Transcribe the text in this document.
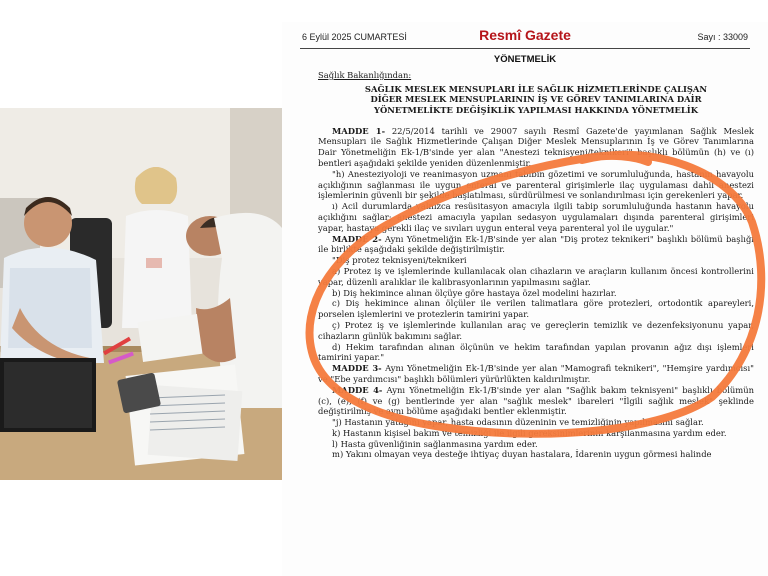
6 Eylül 2025 CUMARTESİ	Resmî Gazete	Sayı : 33009
YÖNETMELİK

Sağlık Bakanlığından:

SAĞLIK MESLEK MENSUPLARI İLE SAĞLIK HİZMETLERİNDE ÇALIŞAN
DİĞER MESLEK MENSUPLARININ İŞ VE GÖREV TANIMLARINA DAİR
YÖNETMELİKTE DEĞİŞİKLİK YAPILMASI HAKKINDA YÖNETMELİK

MADDE 1- 22/5/2014 tarihli ve 29007 sayılı Resmî Gazete'de yayımlanan Sağlık Meslek Mensupları ile Sağlık Hizmetlerinde Çalışan Diğer Meslek Mensuplarının İş ve Görev Tanımlarına Dair Yönetmeliğin Ek-1/B'sinde yer alan "Anestezi teknisyeni/teknikeri" başlıklı bölümün (h) ve (ı) bentleri aşağıdaki şekilde yeniden düzenlenmiştir.

"h) Anesteziyoloji ve reanimasyon uzmanı tabibin gözetimi ve sorumluluğunda, hastanın havayolu açıklığının sağlanması ile uygun enteral ve parenteral girişimlerle ilaç uygulaması dahil anestezi işlemlerinin güvenli bir şekilde başlatılması, sürdürülmesi ve sonlandırılması için gerekenleri yapar.

ı) Acil durumlarda yalnızca resüsitasyon amacıyla ilgili tabip sorumluluğunda hastanın havayolu açıklığını sağlar; anestezi amacıyla yapılan sedasyon uygulamaları dışında parenteral girişimleri yapar, hastaya gerekli ilaç ve sıvıları uygun enteral veya parenteral yol ile uygular."

MADDE 2- Aynı Yönetmeliğin Ek-1/B'sinde yer alan "Diş protez teknikeri" başlıklı bölümü başlığı ile birlikte aşağıdaki şekilde değiştirilmiştir.

"Diş protez teknisyeni/teknikeri

a) Protez iş ve işlemlerinde kullanılacak olan cihazların ve araçların kullanım öncesi kontrollerini yapar, düzenli aralıklar ile kalibrasyonlarının yapılmasını sağlar.

b) Diş hekimince alınan ölçüye göre hastaya özel modelini hazırlar.

c) Diş hekimince alınan ölçüler ile verilen talimatlara göre protezleri, ortodontik apareyleri, porselen işlemlerini ve protezlerin tamirini yapar.

ç) Protez iş ve işlemlerinde kullanılan araç ve gereçlerin temizlik ve dezenfeksiyonunu yapar, cihazların günlük bakımını sağlar.

d) Hekim tarafından alınan ölçünün ve hekim tarafından yapılan provanın ağız dışı işlemleri tamirini yapar."

MADDE 3- Aynı Yönetmeliğin Ek-1/B'sinde yer alan "Mamografi teknikeri", "Hemşire yardımcısı" ve "Ebe yardımcısı" başlıklı bölümleri yürürlükten kaldırılmıştır.

MADDE 4- Aynı Yönetmeliğin Ek-1/B'sinde yer alan "Sağlık bakım teknisyeni" başlıklı bölümün (c), (e), (f) ve (g) bentlerinde yer alan "sağlık meslek" ibareleri "İlgili sağlık meslek" şeklinde değiştirilmiş ve aynı bölüme aşağıdaki bentler eklenmiştir.

"j) Hastanın yatağını yapar, hasta odasının düzeninin ve temizliğinin yapılmasını sağlar.

k) Hastanın kişisel bakım ve temizliği ile ilgili gereksinimlerinin karşılanmasına yardım eder.

l) Hasta güvenliğinin sağlanmasına yardım eder.

m) Yakını olmayan veya desteğe ihtiyaç duyan hastalara, İdarenin uygun görmesi halinde
